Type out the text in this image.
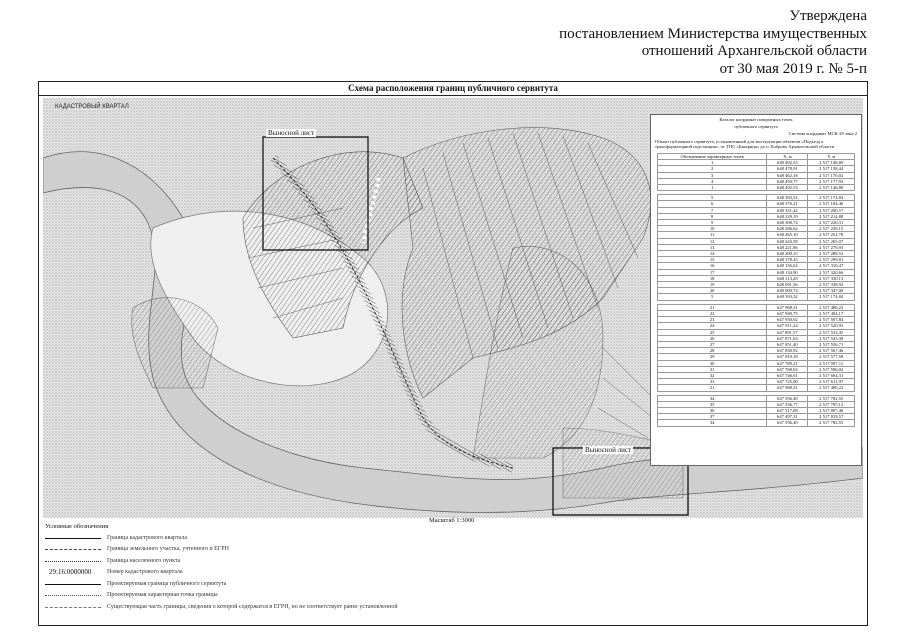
Утверждена
постановлением Министерства имущественных
отношений Архангельской области
от 30 мая 2019 г. № 5-п
Схема расположения границ публичного сервитута
КАДАСТРОВЫЙ КВАРТАЛ
Выносной лист
Выносной лист
Каталог координат поворотных точек
публичного сервитута
Система координат МСК-29 зона 2
Объект публичного сервитута, установленный для эксплуатации объектов «Подъезд к трансформаторной подстанции», от ТПС «Бакарица» до п. Боброво Архангельской области
Обозначение характерных точек	X, м	Y, м
1	648 492,53	2 517 146,80
2	648 478,91	2 517 158,44
3	648 462,18	2 517 170,02
4	648 450,77	2 517 177,93
1	648 492,53	2 517 146,80

5	648 393,52	2 517 174,84
6	648 376,21	2 517 184,46
7	648 351,42	2 517 200,57
8	648 329,19	2 517 214,88
9	648 308,74	2 517 226,31
10	648 286,62	2 517 239,15
11	648 265,10	2 517 252,78
12	648 243,58	2 517 265,07
13	648 221,86	2 517 276,93
14	648 200,15	2 517 288,52
15	648 178,43	2 517 299,81
16	648 156,62	2 517 310,47
17	648 134,90	2 517 320,66
18	648 113,28	2 517 330,13
19	648 091,56	2 517 338,92
20	648 069,74	2 517 347,06
5	648 393,52	2 517 174,84

21	647 968,31	2 517 480,22
22	647 949,75	2 517 494,17
23	647 930,62	2 517 507,84
24	647 911,24	2 517 520,93
25	647 891,57	2 517 533,45
26	647 871,63	2 517 545,38
27	647 851,40	2 517 556,71
28	647 830,92	2 517 567,46
29	647 810,18	2 517 577,58
30	647 789,21	2 517 587,11
31	647 768,02	2 517 596,02
32	647 746,61	2 517 604,31
33	647 725,00	2 517 611,97
21	647 968,31	2 517 480,22

34	647 556,40	2 517 782,55
35	647 536,77	2 517 795,12
36	647 517,08	2 517 807,46
37	647 497,31	2 517 819,57
34	647 556,40	2 517 782,55
Масштаб 1:3000
Условные обозначения
Граница кадастрового квартала
Граница земельного участка, учтенного в ЕГРН
Граница населенного пункта
29:16:0000000	Номер кадастрового квартала
Проектируемая граница публичного сервитута
Проектируемая характерная точка границы
Существующая часть границы, сведения о которой содержатся в ЕГРН, но не соответствует ранее установленной
